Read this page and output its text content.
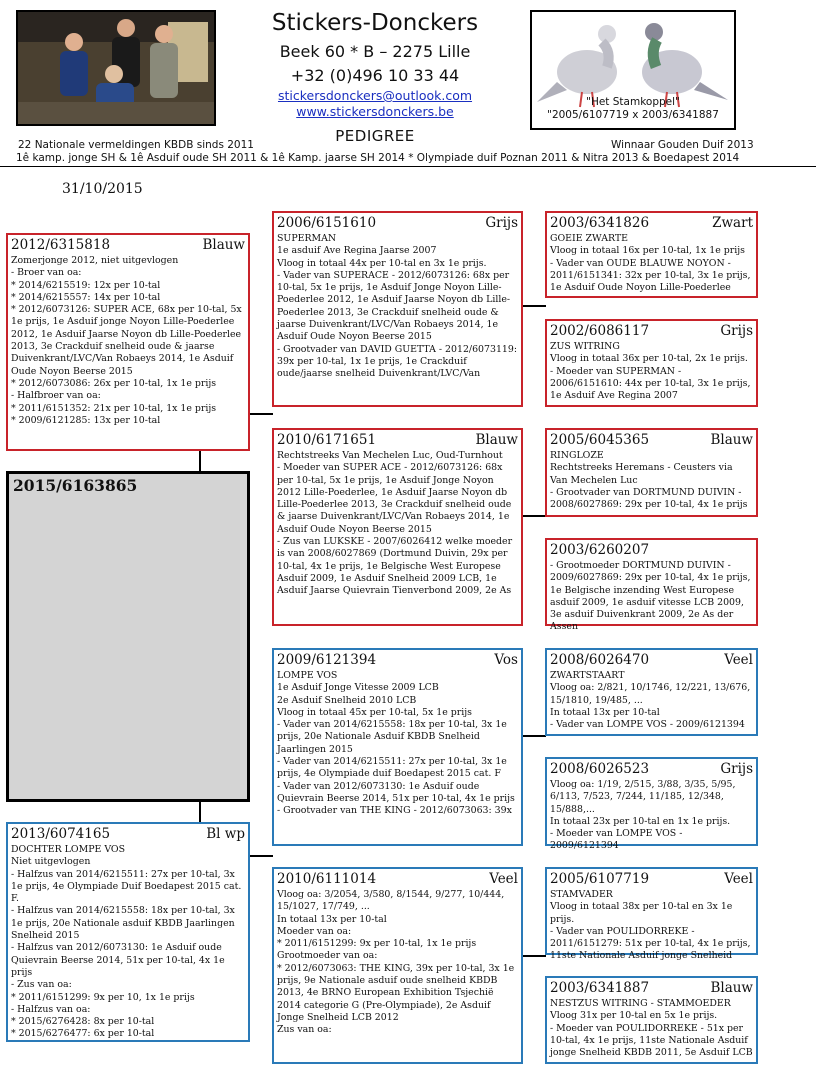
Stickers-Donckers
Beek 60 * B – 2275 Lille
+32 (0)496 10 33 44
stickersdonckers@outlook.com
www.stickersdonckers.be
PEDIGREE
"Het Stamkoppel"
"2005/6107719 x 2003/6341887
22 Nationale vermeldingen KBDB sinds 2011	Winnaar Gouden Duif 2013
1ê kamp. jonge SH & 1ê Asduif oude SH 2011 & 1ê Kamp. jaarse SH 2014 * Olympiade duif Poznan 2011 & Nitra 2013 & Boedapest 2014
31/10/2015
2015/6163865
2012/6315818	Blauw
Zomerjonge 2012, niet uitgevlogen
- Broer van oa:
* 2014/6215519: 12x per 10-tal
* 2014/6215557: 14x per 10-tal
* 2012/6073126: SUPER ACE, 68x per 10-tal, 5x 1e prijs, 1e Asduif jonge Noyon Lille-Poederlee 2012, 1e Asduif Jaarse Noyon db Lille-Poederlee 2013, 3e Crackduif snelheid oude & jaarse Duivenkrant/LVC/Van Robaeys 2014, 1e Asduif Oude Noyon Beerse 2015
* 2012/6073086: 26x per 10-tal, 1x 1e prijs
- Halfbroer van oa:
* 2011/6151352: 21x per 10-tal, 1x 1e prijs
* 2009/6121285: 13x per 10-tal
2013/6074165	Bl wp
DOCHTER LOMPE VOS
Niet uitgevlogen
- Halfzus van 2014/6215511: 27x per 10-tal, 3x 1e prijs, 4e Olympiade Duif Boedapest 2015 cat. F.
- Halfzus van 2014/6215558: 18x per 10-tal, 3x 1e prijs, 20e Nationale asduif KBDB Jaarlingen Snelheid 2015
- Halfzus van 2012/6073130: 1e Asduif oude Quievrain Beerse 2014, 51x per 10-tal, 4x 1e prijs
- Zus van oa:
* 2011/6151299: 9x per 10, 1x 1e prijs
- Halfzus van oa:
* 2015/6276428: 8x per 10-tal
* 2015/6276477: 6x per 10-tal
2006/6151610	Grijs
SUPERMAN
1e asduif Ave Regina Jaarse 2007
Vloog in totaal 44x per 10-tal en 3x 1e prijs.
- Vader van SUPERACE - 2012/6073126: 68x per 10-tal, 5x 1e prijs, 1e Asduif Jonge Noyon Lille-Poederlee 2012, 1e Asduif Jaarse Noyon db Lille-Poederlee 2013, 3e Crackduif snelheid oude & jaarse Duivenkrant/LVC/Van Robaeys 2014, 1e Asduif Oude Noyon Beerse 2015
- Grootvader van DAVID GUETTA - 2012/6073119: 39x per 10-tal, 1x 1e prijs, 1e Crackduif oude/jaarse snelheid Duivenkrant/LVC/Van
2010/6171651	Blauw
Rechtstreeks Van Mechelen Luc, Oud-Turnhout
- Moeder van SUPER ACE - 2012/6073126: 68x per 10-tal, 5x 1e prijs, 1e Asduif Jonge Noyon 2012 Lille-Poederlee, 1e Asduif Jaarse Noyon db Lille-Poederlee 2013, 3e Crackduif snelheid oude & jaarse Duivenkrant/LVC/Van Robaeys 2014, 1e Asduif Oude Noyon Beerse 2015
- Zus van LUKSKE - 2007/6026412 welke moeder is van 2008/6027869 (Dortmund Duivin, 29x per 10-tal, 4x 1e prijs, 1e Belgische West Europese Asduif 2009, 1e Asduif Snelheid 2009 LCB, 1e Asduif Jaarse Quievrain Tienverbond 2009, 2e As
2009/6121394	Vos
LOMPE VOS
1e Asduif Jonge Vitesse 2009 LCB
2e Asduif Snelheid 2010 LCB
Vloog in totaal 45x per 10-tal, 5x 1e prijs
- Vader van 2014/6215558: 18x per 10-tal, 3x 1e prijs, 20e Nationale Asduif KBDB Snelheid Jaarlingen 2015
- Vader van 2014/6215511: 27x per 10-tal, 3x 1e prijs, 4e Olympiade duif Boedapest 2015 cat. F
- Vader van 2012/6073130: 1e Asduif oude Quievrain Beerse 2014, 51x per 10-tal, 4x 1e prijs
- Grootvader van THE KING - 2012/6073063: 39x
2010/6111014	Veel
Vloog oa: 3/2054, 3/580, 8/1544, 9/277, 10/444, 15/1027, 17/749, ...
In totaal 13x per 10-tal
Moeder van oa:
* 2011/6151299: 9x per 10-tal, 1x 1e prijs
Grootmoeder van oa:
* 2012/6073063: THE KING, 39x per 10-tal, 3x 1e prijs, 9e Nationale asduif oude snelheid KBDB 2013, 4e BRNO European Exhibition Tsjechië 2014 categorie G (Pre-Olympiade), 2e Asduif Jonge Snelheid LCB 2012
Zus van oa:
2003/6341826	Zwart
GOEIE ZWARTE
Vloog in totaal 16x per 10-tal, 1x 1e prijs
- Vader van OUDE BLAUWE NOYON - 2011/6151341: 32x per 10-tal, 3x 1e prijs, 1e Asduif Oude Noyon Lille-Poederlee
2002/6086117	Grijs
ZUS WITRING
Vloog in totaal 36x per 10-tal, 2x 1e prijs.
- Moeder van SUPERMAN - 2006/6151610: 44x per 10-tal, 3x 1e prijs, 1e Asduif Ave Regina 2007
2005/6045365	Blauw
RINGLOZE
Rechtstreeks Heremans - Ceusters via Van Mechelen Luc
- Grootvader van DORTMUND DUIVIN - 2008/6027869: 29x per 10-tal, 4x 1e prijs
2003/6260207
- Grootmoeder DORTMUND DUIVIN - 2009/6027869: 29x per 10-tal, 4x 1e prijs, 1e Belgische inzending West Europese asduif 2009, 1e asduif vitesse LCB 2009, 3e asduif Duivenkrant 2009, 2e As der Assen
2008/6026470	Veel
ZWARTSTAART
Vloog oa: 2/821, 10/1746, 12/221, 13/676, 15/1810, 19/485, ...
In totaal 13x per 10-tal
- Vader van LOMPE VOS - 2009/6121394
2008/6026523	Grijs
Vloog oa: 1/19, 2/515, 3/88, 3/35, 5/95, 6/113, 7/523, 7/244, 11/185, 12/348, 15/888,...
In totaal 23x per 10-tal en 1x 1e prijs.
- Moeder van LOMPE VOS - 2009/6121394
2005/6107719	Veel
STAMVADER
Vloog in totaal 38x per 10-tal en 3x 1e prijs.
- Vader van POULIDORREKE - 2011/6151279: 51x per 10-tal, 4x 1e prijs, 11ste Nationale Asduif jonge Snelheid
2003/6341887	Blauw
NESTZUS WITRING - STAMMOEDER
Vloog 31x per 10-tal en 5x 1e prijs.
- Moeder van POULIDORREKE - 51x per 10-tal, 4x 1e prijs, 11ste Nationale Asduif jonge Snelheid KBDB 2011, 5e Asduif LCB
